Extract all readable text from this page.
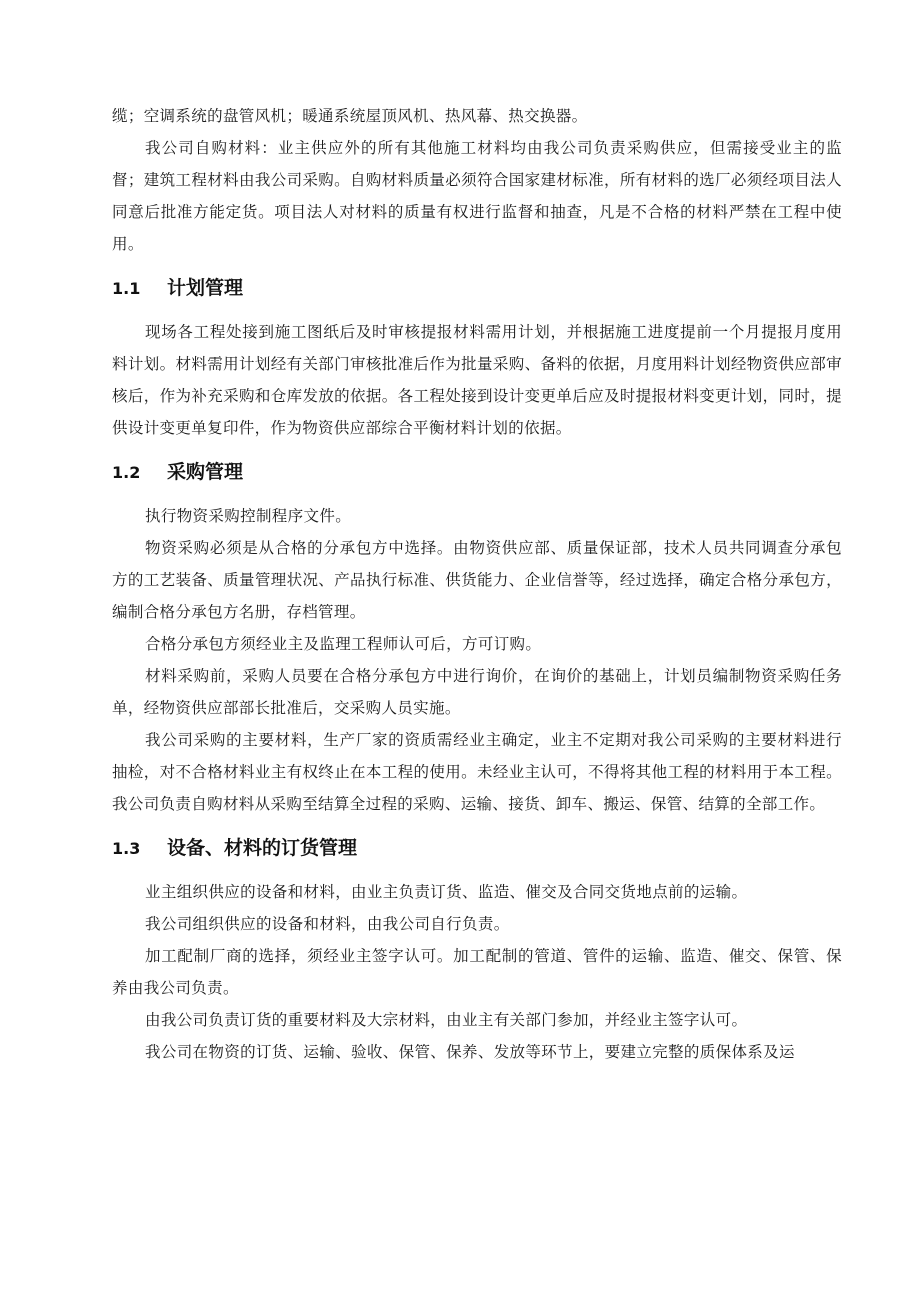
缆；空调系统的盘管风机；暖通系统屋顶风机、热风幕、热交换器。

我公司自购材料：业主供应外的所有其他施工材料均由我公司负责采购供应，但需接受业主的监督；建筑工程材料由我公司采购。自购材料质量必须符合国家建材标准，所有材料的选厂必须经项目法人同意后批准方能定货。项目法人对材料的质量有权进行监督和抽查，凡是不合格的材料严禁在工程中使用。

1.1 计划管理

现场各工程处接到施工图纸后及时审核提报材料需用计划，并根据施工进度提前一个月提报月度用料计划。材料需用计划经有关部门审核批准后作为批量采购、备料的依据，月度用料计划经物资供应部审核后，作为补充采购和仓库发放的依据。各工程处接到设计变更单后应及时提报材料变更计划，同时，提供设计变更单复印件，作为物资供应部综合平衡材料计划的依据。

1.2 采购管理

执行物资采购控制程序文件。

物资采购必须是从合格的分承包方中选择。由物资供应部、质量保证部，技术人员共同调查分承包方的工艺装备、质量管理状况、产品执行标准、供货能力、企业信誉等，经过选择，确定合格分承包方，编制合格分承包方名册，存档管理。

合格分承包方须经业主及监理工程师认可后，方可订购。

材料采购前，采购人员要在合格分承包方中进行询价，在询价的基础上，计划员编制物资采购任务单，经物资供应部部长批准后，交采购人员实施。

我公司采购的主要材料，生产厂家的资质需经业主确定，业主不定期对我公司采购的主要材料进行抽检，对不合格材料业主有权终止在本工程的使用。未经业主认可，不得将其他工程的材料用于本工程。我公司负责自购材料从采购至结算全过程的采购、运输、接货、卸车、搬运、保管、结算的全部工作。

1.3 设备、材料的订货管理

业主组织供应的设备和材料，由业主负责订货、监造、催交及合同交货地点前的运输。

我公司组织供应的设备和材料，由我公司自行负责。

加工配制厂商的选择，须经业主签字认可。加工配制的管道、管件的运输、监造、催交、保管、保养由我公司负责。

由我公司负责订货的重要材料及大宗材料，由业主有关部门参加，并经业主签字认可。

我公司在物资的订货、运输、验收、保管、保养、发放等环节上，要建立完整的质保体系及运
